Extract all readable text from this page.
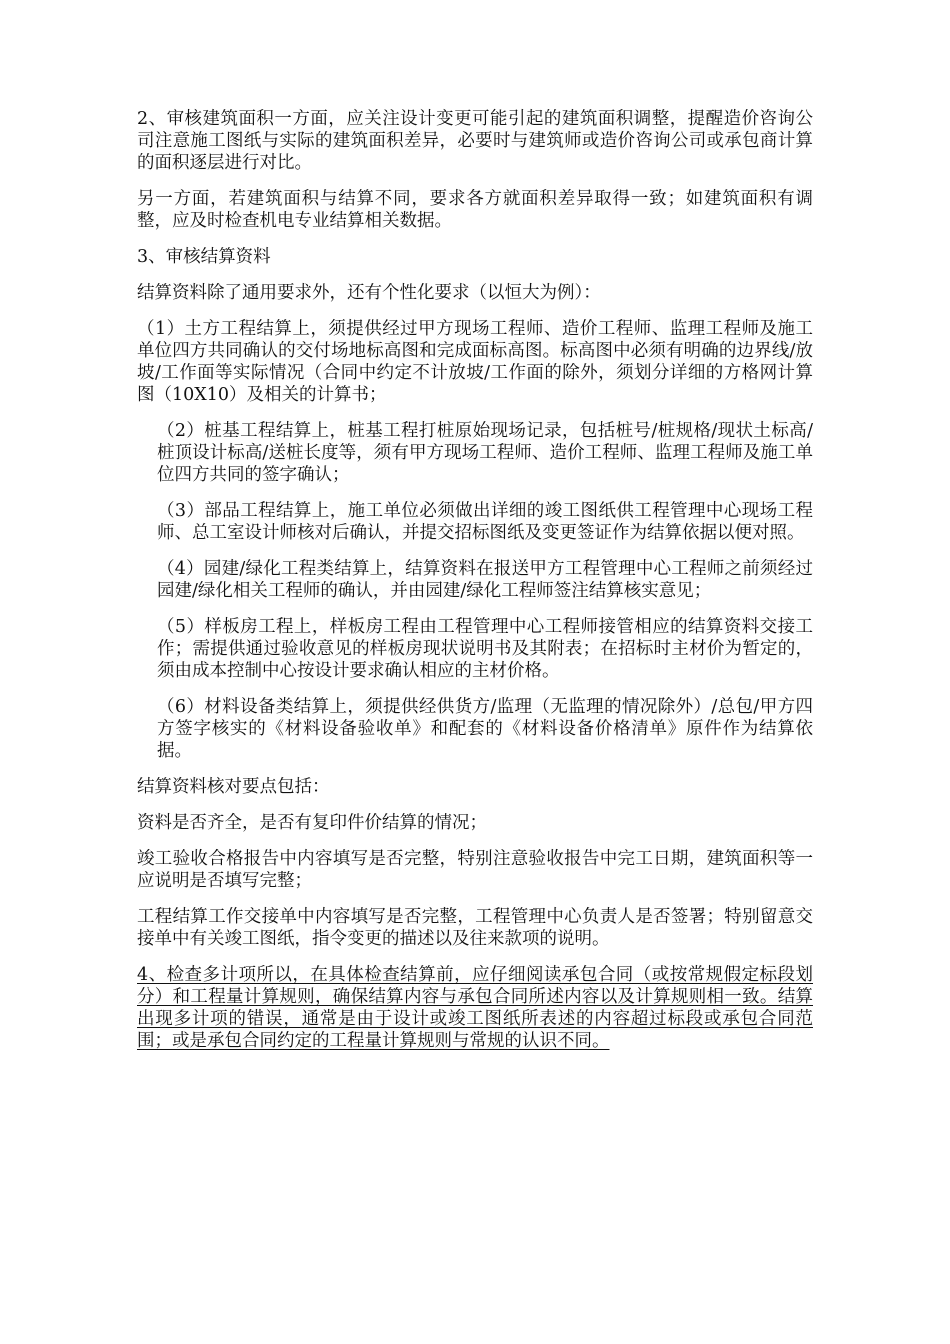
2、审核建筑面积一方面，应关注设计变更可能引起的建筑面积调整，提醒造价咨询公司注意施工图纸与实际的建筑面积差异，必要时与建筑师或造价咨询公司或承包商计算的面积逐层进行对比。

另一方面，若建筑面积与结算不同，要求各方就面积差异取得一致；如建筑面积有调整，应及时检查机电专业结算相关数据。

3、审核结算资料

结算资料除了通用要求外，还有个性化要求（以恒大为例）：

（1）土方工程结算上，须提供经过甲方现场工程师、造价工程师、监理工程师及施工单位四方共同确认的交付场地标高图和完成面标高图。标高图中必须有明确的边界线/放坡/工作面等实际情况（合同中约定不计放坡/工作面的除外，须划分详细的方格网计算图（10X10）及相关的计算书；

（2）桩基工程结算上，桩基工程打桩原始现场记录，包括桩号/桩规格/现状土标高/桩顶设计标高/送桩长度等，须有甲方现场工程师、造价工程师、监理工程师及施工单位四方共同的签字确认；

（3）部品工程结算上，施工单位必须做出详细的竣工图纸供工程管理中心现场工程师、总工室设计师核对后确认，并提交招标图纸及变更签证作为结算依据以便对照。

（4）园建/绿化工程类结算上，结算资料在报送甲方工程管理中心工程师之前须经过园建/绿化相关工程师的确认，并由园建/绿化工程师签注结算核实意见；

（5）样板房工程上，样板房工程由工程管理中心工程师接管相应的结算资料交接工作；需提供通过验收意见的样板房现状说明书及其附表；在招标时主材价为暂定的，须由成本控制中心按设计要求确认相应的主材价格。

（6）材料设备类结算上，须提供经供货方/监理（无监理的情况除外）/总包/甲方四方签字核实的《材料设备验收单》和配套的《材料设备价格清单》原件作为结算依据。

结算资料核对要点包括：

资料是否齐全，是否有复印件价结算的情况；

竣工验收合格报告中内容填写是否完整，特别注意验收报告中完工日期，建筑面积等一应说明是否填写完整；

工程结算工作交接单中内容填写是否完整，工程管理中心负责人是否签署；特别留意交接单中有关竣工图纸，指令变更的描述以及往来款项的说明。

4、检查多计项所以，在具体检查结算前，应仔细阅读承包合同（或按常规假定标段划分）和工程量计算规则，确保结算内容与承包合同所述内容以及计算规则相一致。结算出现多计项的错误，通常是由于设计或竣工图纸所表述的内容超过标段或承包合同范围；或是承包合同约定的工程量计算规则与常规的认识不同。
